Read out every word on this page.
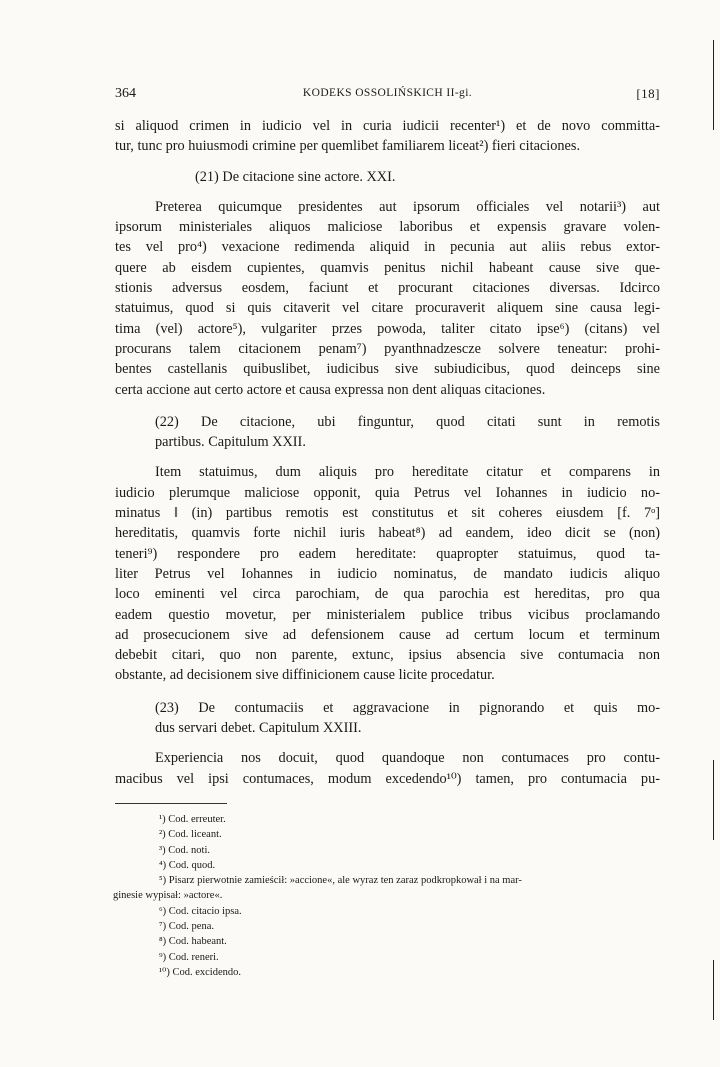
364	KODEKS OSSOLIŃSKICH II-gi.	[18]

si aliquod crimen in iudicio vel in curia iudicii recenter¹) et de novo committa-
tur, tunc pro huiusmodi crimine per quemlibet familiarem liceat²) fieri citaciones.

(21) De citacione sine actore. XXI.

Preterea quicumque presidentes aut ipsorum officiales vel notarii³) aut
ipsorum ministeriales aliquos maliciose laboribus et expensis gravare volen-
tes vel pro⁴) vexacione redimenda aliquid in pecunia aut aliis rebus extor-
quere ab eisdem cupientes, quamvis penitus nichil habeant cause sive que-
stionis adversus eosdem, faciunt et procurant citaciones diversas. Idcirco
statuimus, quod si quis citaverit vel citare procuraverit aliquem sine causa legi-
tima (vel) actore⁵), vulgariter przes powoda, taliter citato ipse⁶) (citans) vel
procurans talem citacionem penam⁷) pyanthnadzescze solvere teneatur: prohi-
bentes castellanis quibuslibet, iudicibus sive subiudicibus, quod deinceps sine
certa accione aut certo actore et causa expressa non dent aliquas citaciones.

(22) De citacione, ubi finguntur, quod citati sunt in remotis
partibus. Capitulum XXII.

Item statuimus, dum aliquis pro hereditate citatur et comparens in
iudicio plerumque maliciose opponit, quia Petrus vel Iohannes in iudicio no-
minatus ‖ (in) partibus remotis est constitutus et sit coheres eiusdem [f. 7ᵒ]
hereditatis, quamvis forte nichil iuris habeat⁸) ad eandem, ideo dicit se (non)
teneri⁹) respondere pro eadem hereditate: quapropter statuimus, quod ta-
liter Petrus vel Iohannes in iudicio nominatus, de mandato iudicis aliquo
loco eminenti vel circa parochiam, de qua parochia est hereditas, pro qua
eadem questio movetur, per ministerialem publice tribus vicibus proclamando
ad prosecucionem sive ad defensionem cause ad certum locum et terminum
debebit citari, quo non parente, extunc, ipsius absencia sive contumacia non
obstante, ad decisionem sive diffinicionem cause licite procedatur.

(23) De contumaciis et aggravacione in pignorando et quis mo-
dus servari debet. Capitulum XXIII.

Experiencia nos docuit, quod quandoque non contumaces pro contu-
macibus vel ipsi contumaces, modum excedendo¹⁰) tamen, pro contumacia pu-

¹) Cod. erreuter.
²) Cod. liceant.
³) Cod. noti.
⁴) Cod. quod.
⁵) Pisarz pierwotnie zamieścił: »accione«, ale wyraz ten zaraz podkropkował i na mar-
ginesie wypisał: »actore«.
⁶) Cod. citacio ipsa.
⁷) Cod. pena.
⁸) Cod. habeant.
⁹) Cod. reneri.
¹⁰) Cod. excidendo.
